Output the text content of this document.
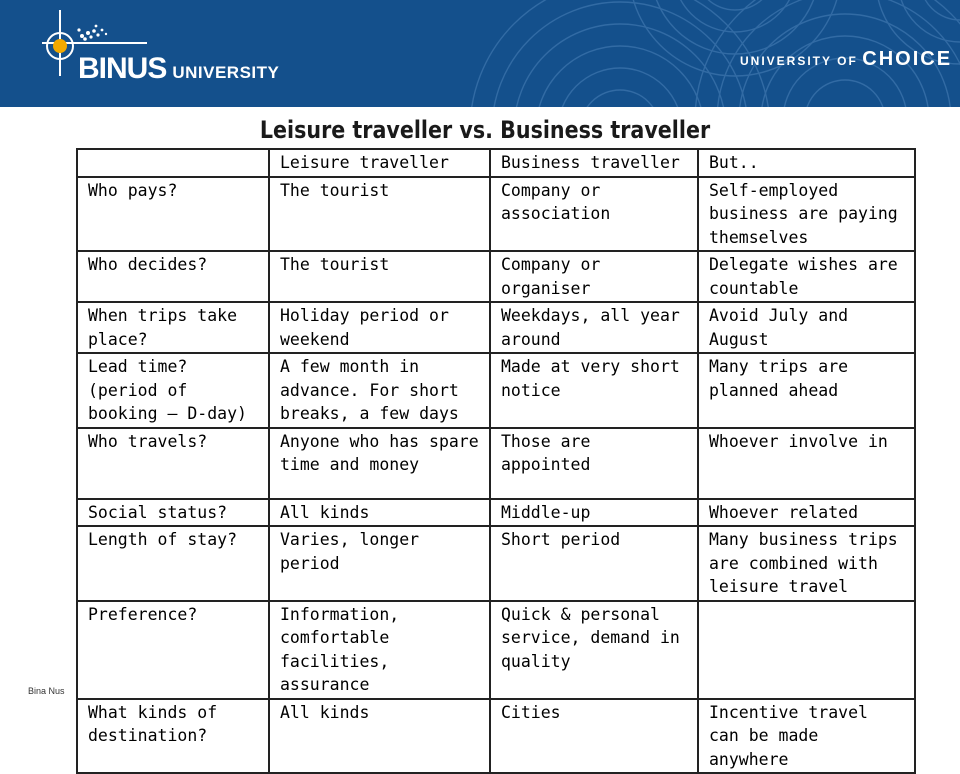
BINUS UNIVERSITY
UNIVERSITY OF CHOICE
Leisure traveller vs. Business traveller
	Leisure traveller	Business traveller	But..
Who pays?	The tourist	Company or association	Self-employed business are paying themselves
Who decides?	The tourist	Company or organiser	Delegate wishes are countable
When trips take place?	Holiday period or weekend	Weekdays, all year around	Avoid July and August
Lead time? (period of booking – D-day)	A few month in advance. For short breaks, a few days	Made at very short notice	Many trips are planned ahead
Who travels?	Anyone who has spare time and money	Those are appointed	Whoever involve in
Social status?	All kinds	Middle-up	Whoever related
Length of stay?	Varies, longer period	Short period	Many business trips are combined with leisure travel
Preference?	Information, comfortable facilities, assurance	Quick & personal service, demand in quality	
What kinds of destination?	All kinds	Cities	Incentive travel can be made anywhere
Bina Nus
